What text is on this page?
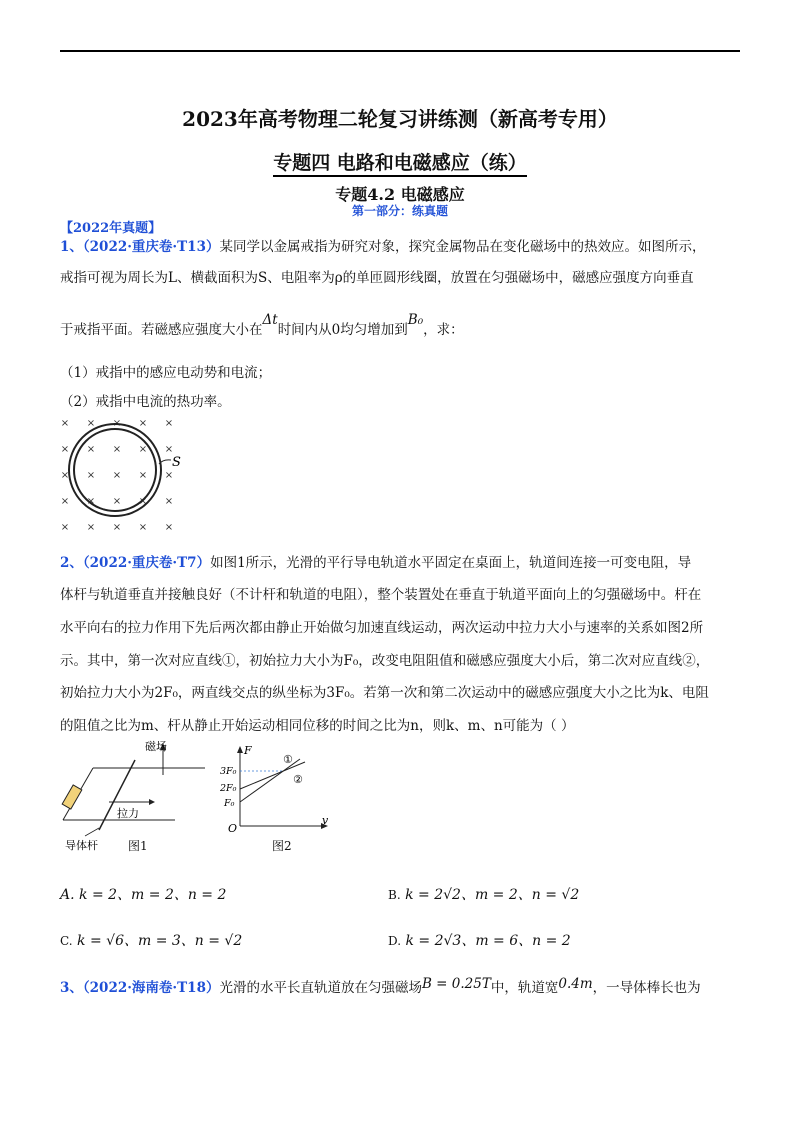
2023年高考物理二轮复习讲练测（新高考专用）
专题四 电路和电磁感应（练）
专题4.2 电磁感应
第一部分：练真题
【2022年真题】
1、（2022·重庆卷·T13）某同学以金属戒指为研究对象，探究金属物品在变化磁场中的热效应。如图所示，
戒指可视为周长为L、横截面积为S、电阻率为ρ的单匝圆形线圈，放置在匀强磁场中，磁感应强度方向垂直
于戒指平面。若磁感应强度大小在Δt时间内从0均匀增加到B₀，求：
（1）戒指中的感应电动势和电流；
（2）戒指中电流的热功率。
× × × × ×
× × × × ×
× × × × ×
× × × × ×
× × × × ×
S
2、（2022·重庆卷·T7）如图1所示，光滑的平行导电轨道水平固定在桌面上，轨道间连接一可变电阻，导
体杆与轨道垂直并接触良好（不计杆和轨道的电阻），整个装置处在垂直于轨道平面向上的匀强磁场中。杆在
水平向右的拉力作用下先后两次都由静止开始做匀加速直线运动，两次运动中拉力大小与速率的关系如图2所
示。其中，第一次对应直线①，初始拉力大小为F₀，改变电阻阻值和磁感应强度大小后，第二次对应直线②，
初始拉力大小为2F₀，两直线交点的纵坐标为3F₀。若第一次和第二次运动中的磁感应强度大小之比为k、电阻
的阻值之比为m、杆从静止开始运动相同位移的时间之比为n，则k、m、n可能为（ ）
磁场
拉力
导体杆	图1
F
v
O
3F₀
2F₀
F₀
①
②
图2
A. k = 2、m = 2、n = 2	B. k = 2√2、m = 2、n = √2
C. k = √6、m = 3、n = √2	D. k = 2√3、m = 6、n = 2
3、（2022·海南卷·T18）光滑的水平长直轨道放在匀强磁场B = 0.25T中，轨道宽0.4m，一导体棒长也为
